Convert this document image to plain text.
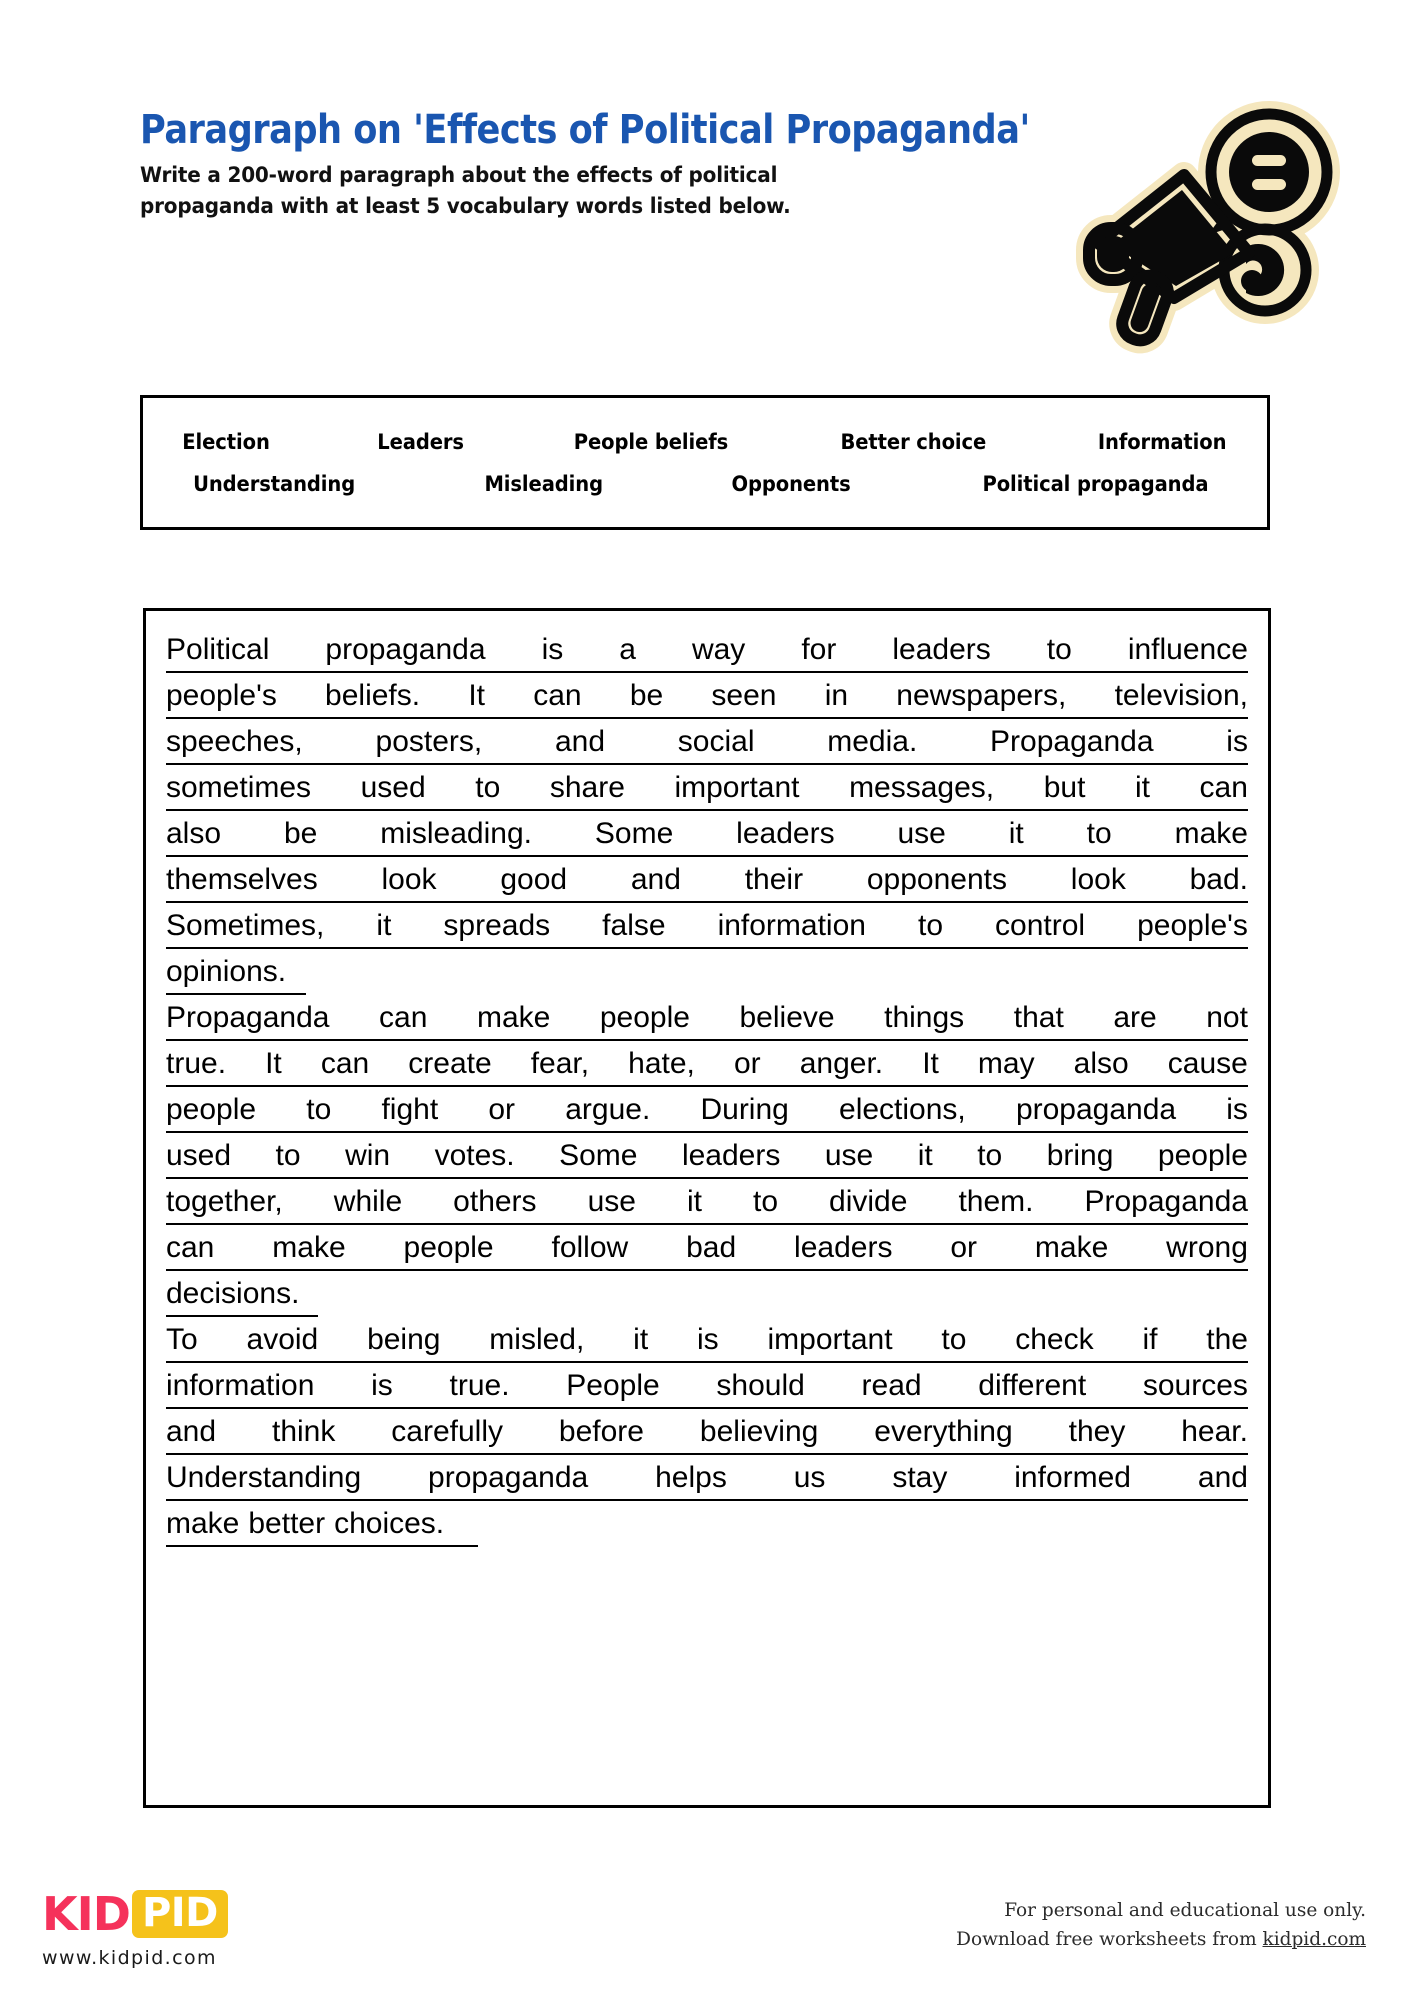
Paragraph on 'Effects of Political Propaganda'

Write a 200-word paragraph about the effects of political propaganda with at least 5 vocabulary words listed below.

Election	Leaders	People beliefs	Better choice	Information
Understanding	Misleading	Opponents	Political propaganda
Political propaganda is a way for leaders to influence
people's beliefs. It can be seen in newspapers, television,
speeches, posters, and social media. Propaganda is
sometimes used to share important messages, but it can
also be misleading. Some leaders use it to make
themselves look good and their opponents look bad.
Sometimes, it spreads false information to control people's
opinions.
Propaganda can make people believe things that are not
true. It can create fear, hate, or anger. It may also cause
people to fight or argue. During elections, propaganda is
used to win votes. Some leaders use it to bring people
together, while others use it to divide them. Propaganda
can make people follow bad leaders or make wrong
decisions.
To avoid being misled, it is important to check if the
information is true. People should read different sources
and think carefully before believing everything they hear.
Understanding propaganda helps us stay informed and
make better choices.
KID PID
www.kidpid.com
For personal and educational use only.
Download free worksheets from kidpid.com
